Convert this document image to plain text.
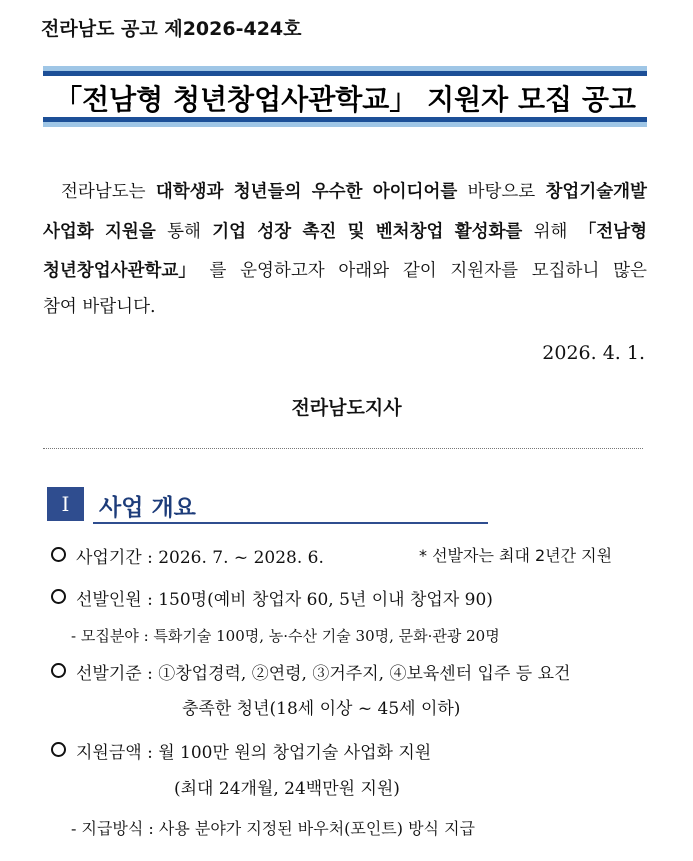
전라남도 공고 제2026-424호
「전남형 청년창업사관학교」 지원자 모집 공고
전라남도는 대학생과 청년들의 우수한 아이디어를 바탕으로 창업기술개발
사업화 지원을 통해 기업 성장 촉진 및 벤처창업 활성화를 위해 「전남형
청년창업사관학교」 를 운영하고자 아래와 같이 지원자를 모집하니 많은
참여 바랍니다.
2026. 4. 1.
전라남도지사
Ⅰ	사업 개요
사업기간 : 2026. 7. ~ 2028. 6.	* 선발자는 최대 2년간 지원
선발인원 : 150명(예비 창업자 60, 5년 이내 창업자 90)
- 모집분야 : 특화기술 100명, 농·수산 기술 30명, 문화·관광 20명
선발기준 : ①창업경력, ②연령, ③거주지, ④보육센터 입주 등 요건
충족한 청년(18세 이상 ~ 45세 이하)
지원금액 : 월 100만 원의 창업기술 사업화 지원
(최대 24개월, 24백만원 지원)
- 지급방식 : 사용 분야가 지정된 바우처(포인트) 방식 지급
